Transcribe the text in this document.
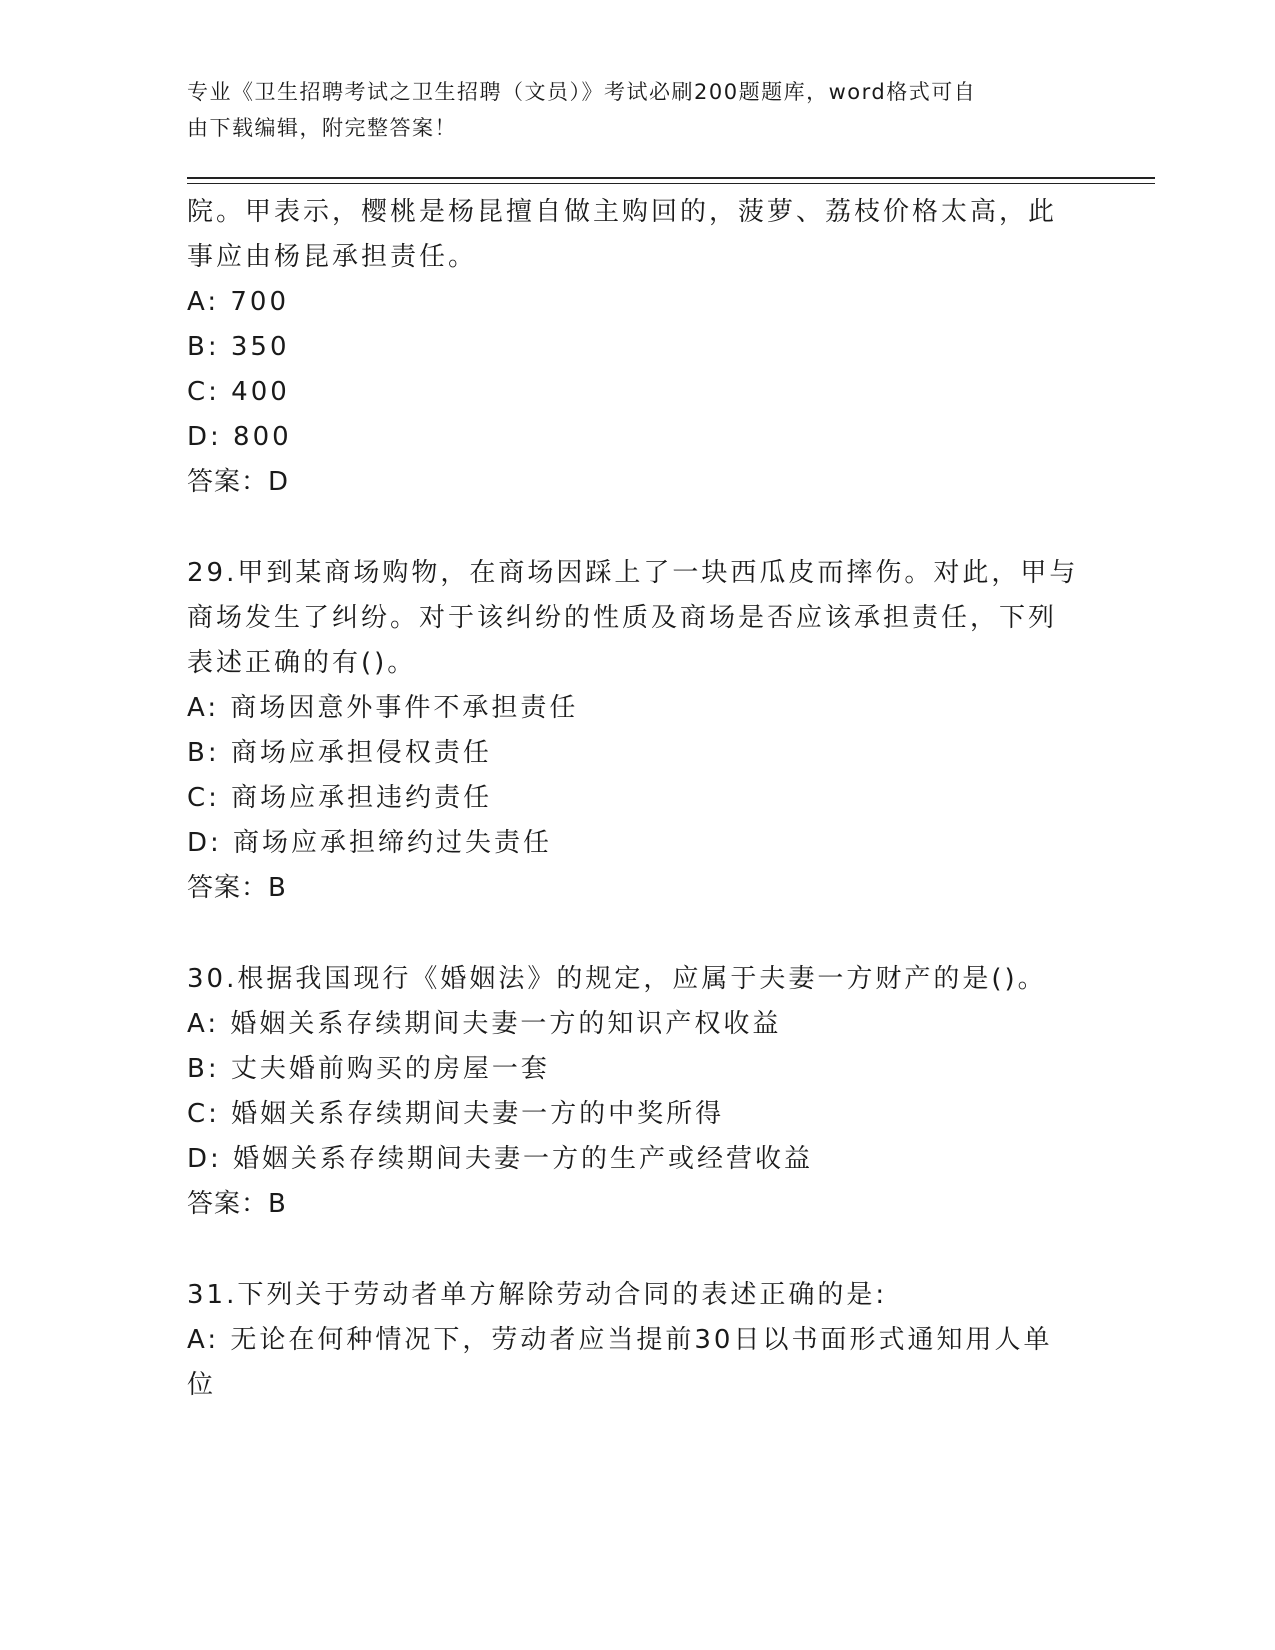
专业《卫生招聘考试之卫生招聘（文员）》考试必刷200题题库，word格式可自
由下载编辑，附完整答案！
院。甲表示，樱桃是杨昆擅自做主购回的，菠萝、荔枝价格太高，此
事应由杨昆承担责任。
A: 700
B: 350
C: 400
D: 800
答案：D
29.甲到某商场购物，在商场因踩上了一块西瓜皮而摔伤。对此，甲与
商场发生了纠纷。对于该纠纷的性质及商场是否应该承担责任，下列
表述正确的有()。
A: 商场因意外事件不承担责任
B: 商场应承担侵权责任
C: 商场应承担违约责任
D: 商场应承担缔约过失责任
答案：B
30.根据我国现行《婚姻法》的规定，应属于夫妻一方财产的是()。
A: 婚姻关系存续期间夫妻一方的知识产权收益
B: 丈夫婚前购买的房屋一套
C: 婚姻关系存续期间夫妻一方的中奖所得
D: 婚姻关系存续期间夫妻一方的生产或经营收益
答案：B
31.下列关于劳动者单方解除劳动合同的表述正确的是:
A: 无论在何种情况下，劳动者应当提前30日以书面形式通知用人单
位
